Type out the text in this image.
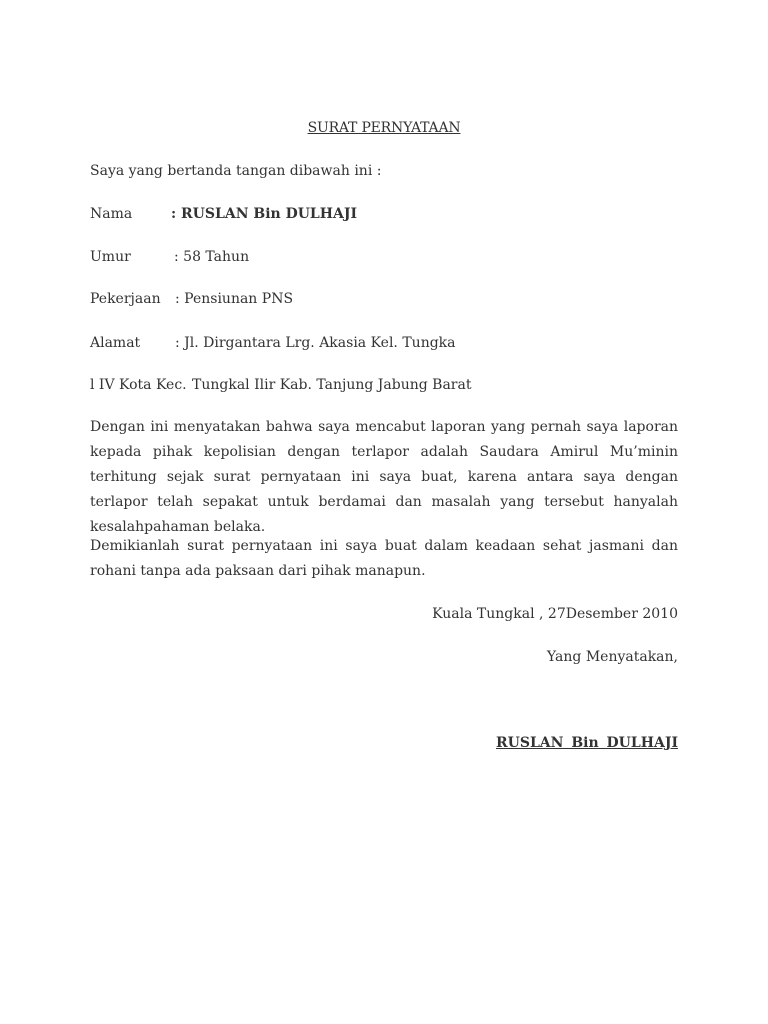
SURAT PERNYATAAN
Saya yang bertanda tangan dibawah ini :
Nama	: RUSLAN Bin DULHAJI
Umur	: 58 Tahun
Pekerjaan : Pensiunan PNS
Alamat : Jl. Dirgantara Lrg. Akasia Kel. Tungka
l IV Kota Kec. Tungkal Ilir Kab. Tanjung Jabung Barat
Dengan ini menyatakan bahwa saya mencabut laporan yang pernah saya laporan kepada pihak kepolisian dengan terlapor adalah Saudara Amirul Mu’minin terhitung sejak surat pernyataan ini saya buat, karena antara saya dengan terlapor telah sepakat untuk berdamai dan masalah yang tersebut hanyalah kesalahpahaman belaka.
Demikianlah surat pernyataan ini saya buat dalam keadaan sehat jasmani dan rohani tanpa ada paksaan dari pihak manapun.
Kuala Tungkal , 27Desember 2010
Yang Menyatakan,
RUSLAN Bin DULHAJI
